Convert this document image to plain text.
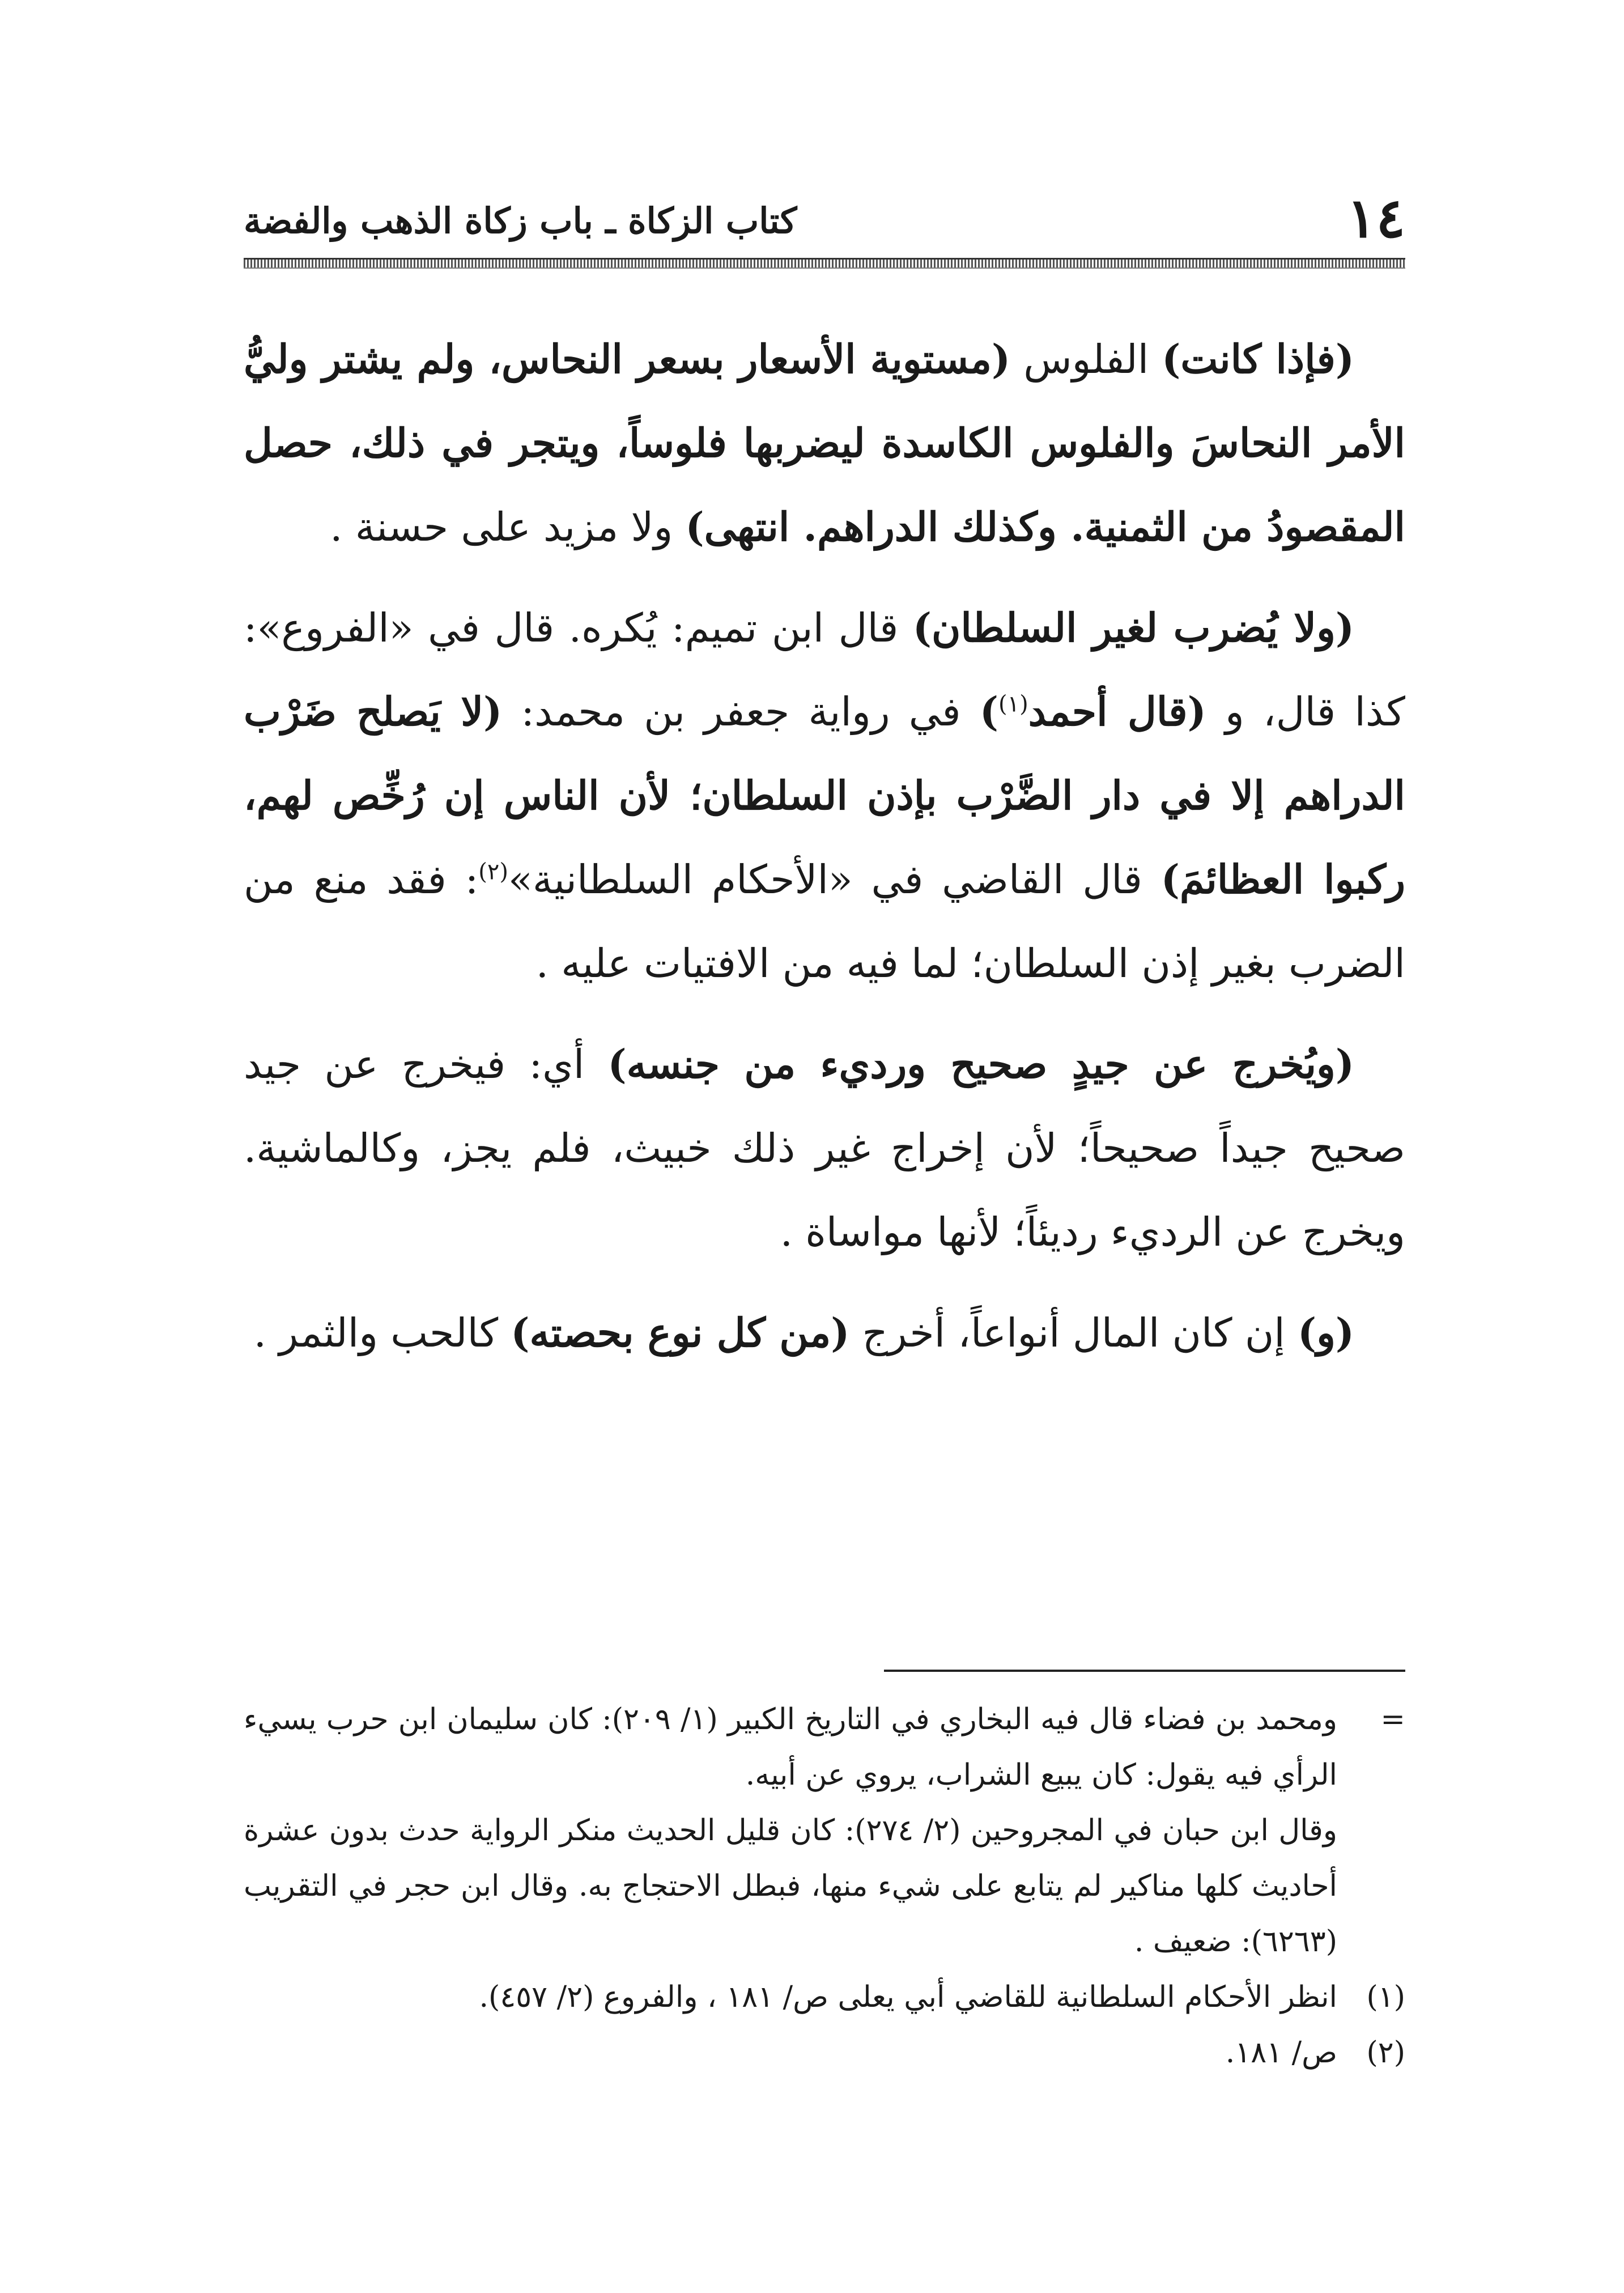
١٤
كتاب الزكاة ـ باب زكاة الذهب والفضة

(فإذا كانت) الفلوس (مستوية الأسعار بسعر النحاس، ولم يشتر وليُّ الأمر النحاسَ والفلوس الكاسدة ليضربها فلوساً، ويتجر في ذلك، حصل المقصودُ من الثمنية. وكذلك الدراهم. انتهى) ولا مزيد على حسنة .

(ولا يُضرب لغير السلطان) قال ابن تميم: يُكره. قال في «الفروع»: كذا قال، و (قال أحمد$^{(١)}$) في رواية جعفر بن محمد: (لا يَصلح ضَرْب الدراهم إلا في دار الضَّرْب بإذن السلطان؛ لأن الناس إن رُخِّص لهم، ركبوا العظائمَ) قال القاضي في «الأحكام السلطانية»$^{(٢)}$: فقد منع من الضرب بغير إذن السلطان؛ لما فيه من الافتيات عليه .

(ويُخرج عن جيدٍ صحيح ورديء من جنسه) أي: فيخرج عن جيد صحيح جيداً صحيحاً؛ لأن إخراج غير ذلك خبيث، فلم يجز، وكالماشية. ويخرج عن الرديء رديئاً؛ لأنها مواساة .

(و) إن كان المال أنواعاً، أخرج (من كل نوع بحصته) كالحب والثمر .

=
ومحمد بن فضاء قال فيه البخاري في التاريخ الكبير (١/ ٢٠٩): كان سليمان ابن حرب يسيء الرأي فيه يقول: كان يبيع الشراب، يروي عن أبيه.

وقال ابن حبان في المجروحين (٢/ ٢٧٤): كان قليل الحديث منكر الرواية حدث بدون عشرة أحاديث كلها مناكير لم يتابع على شيء منها، فبطل الاحتجاج به. وقال ابن حجر في التقريب (٦٢٦٣): ضعيف .

(١)
انظر الأحكام السلطانية للقاضي أبي يعلى ص/ ١٨١ ، والفروع (٢/ ٤٥٧).

(٢)
ص/ ١٨١.
